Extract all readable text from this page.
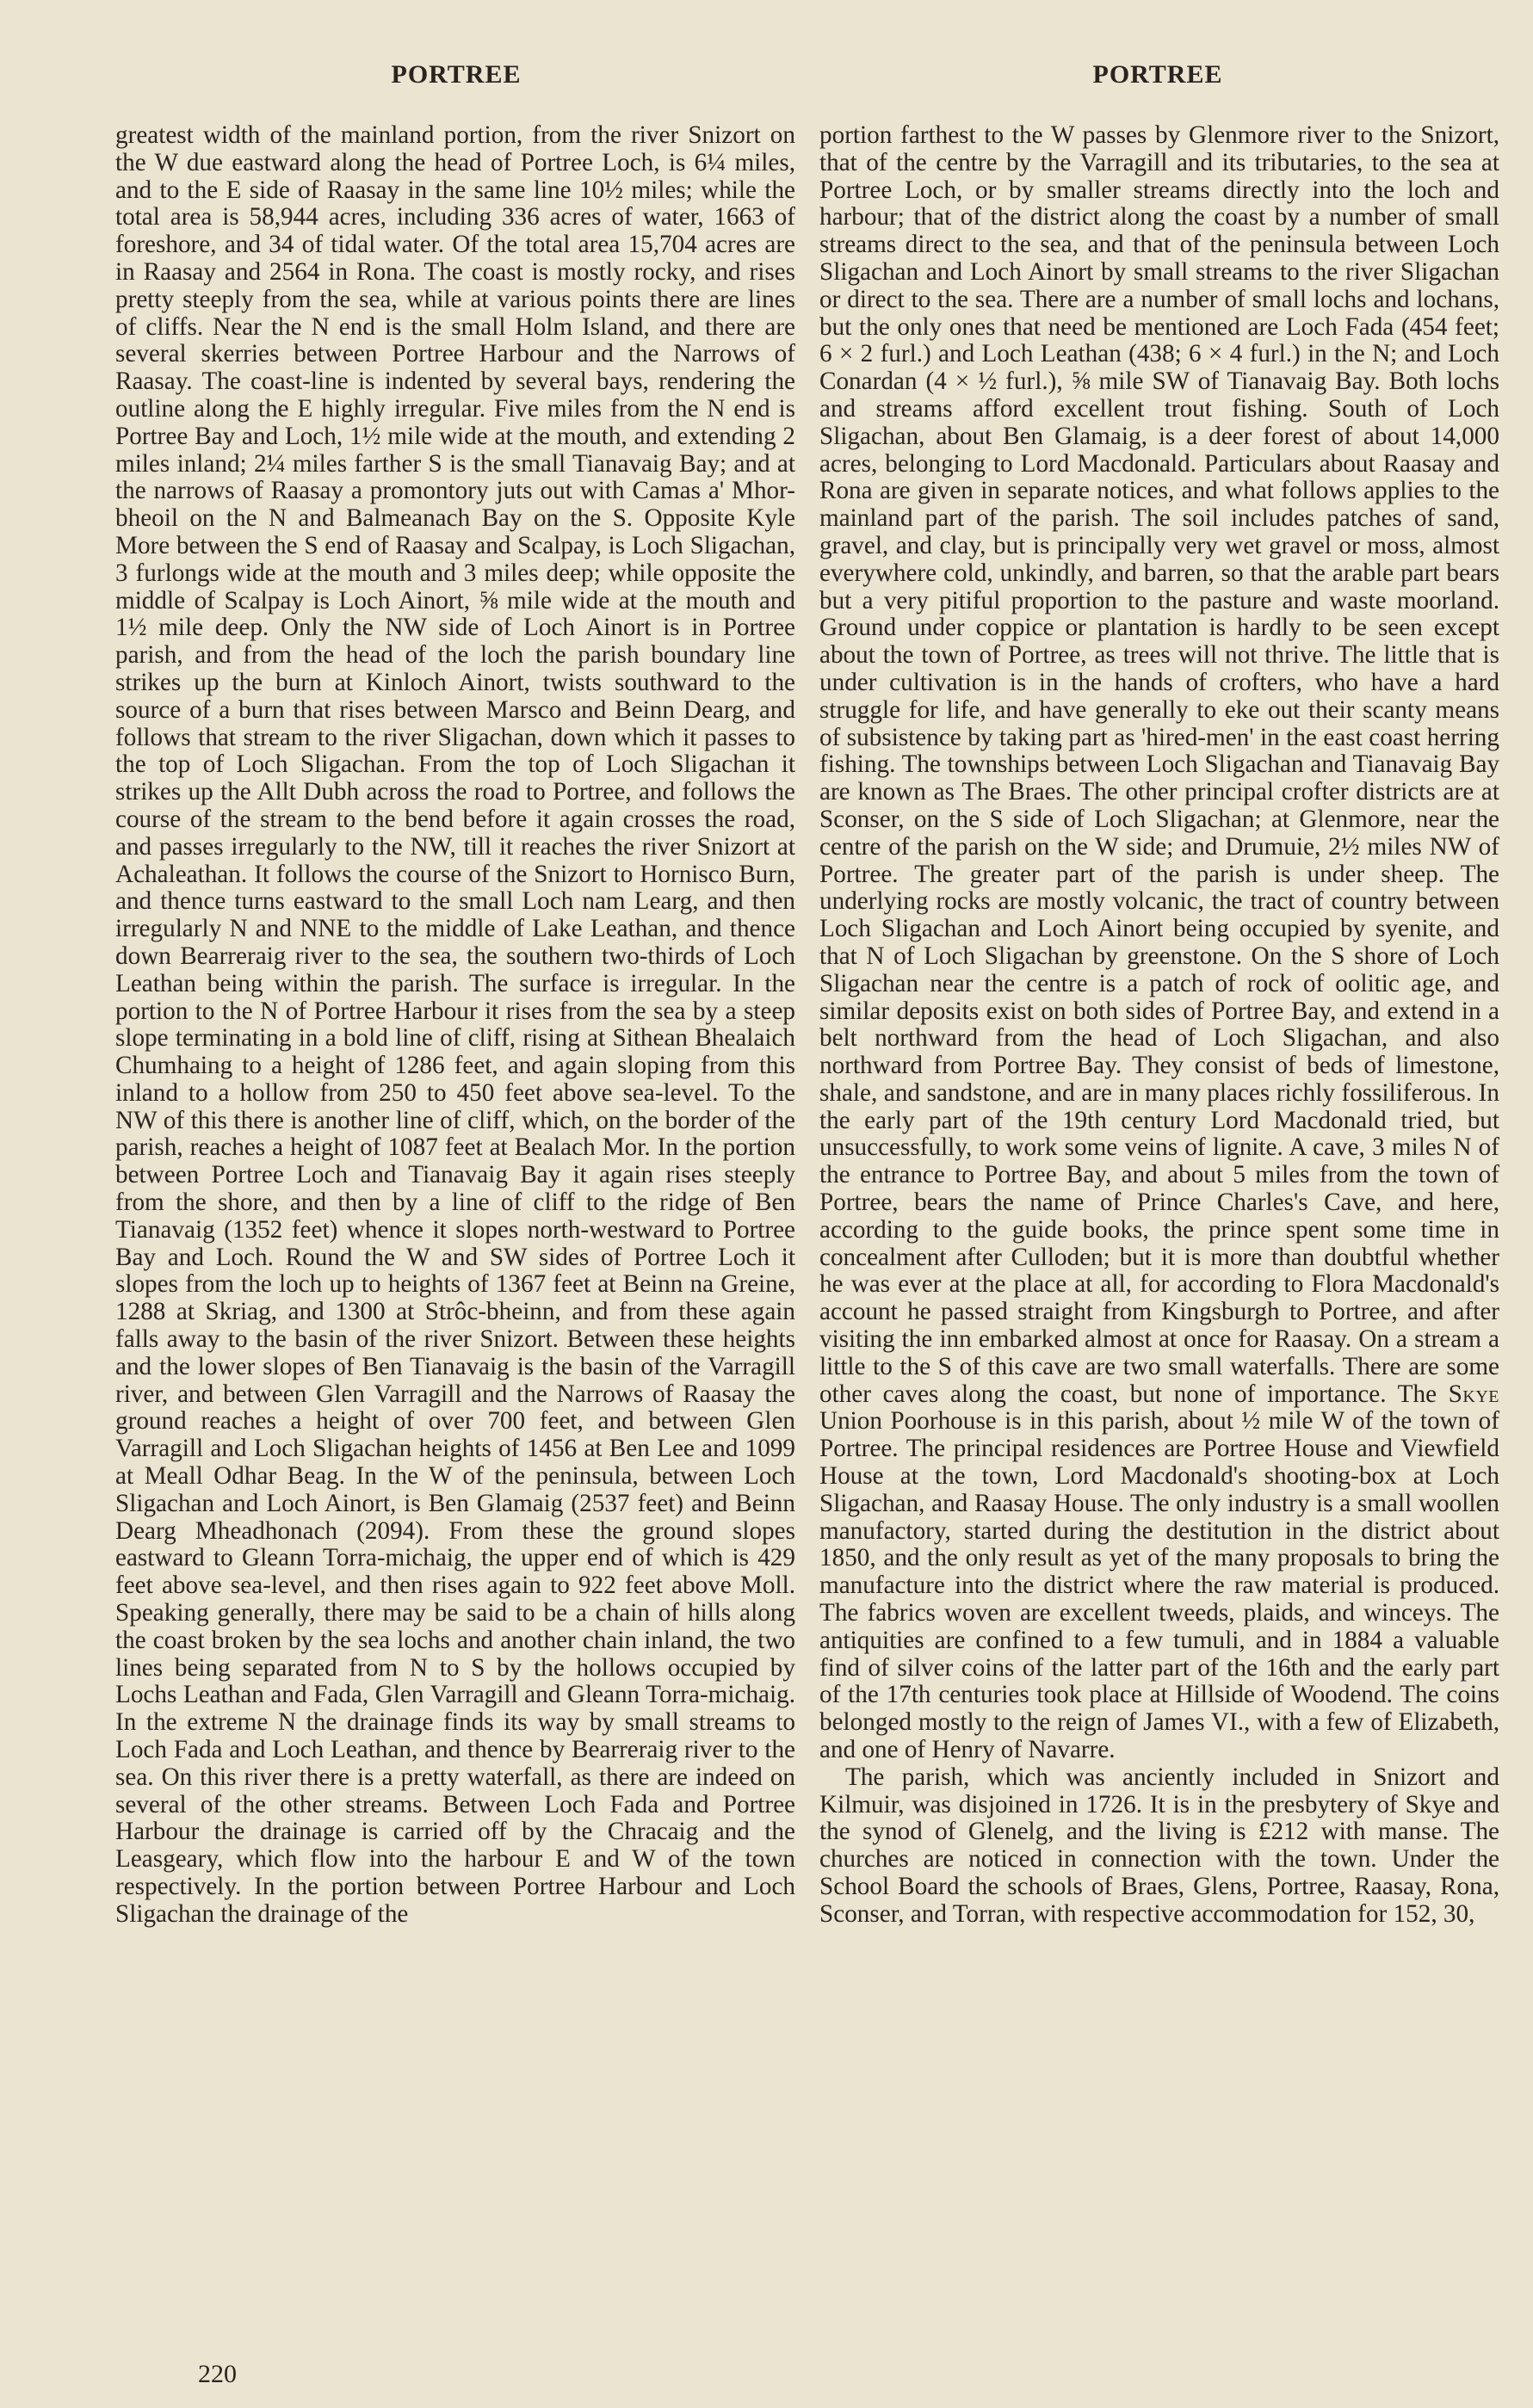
PORTREE	PORTREE

greatest width of the mainland portion, from the river Snizort on the W due eastward along the head of Portree Loch, is 6¼ miles, and to the E side of Raasay in the same line 10½ miles; while the total area is 58,944 acres, including 336 acres of water, 1663 of foreshore, and 34 of tidal water. Of the total area 15,704 acres are in Raasay and 2564 in Rona. The coast is mostly rocky, and rises pretty steeply from the sea, while at various points there are lines of cliffs. Near the N end is the small Holm Island, and there are several skerries between Portree Harbour and the Narrows of Raasay. The coast-line is indented by several bays, rendering the outline along the E highly irregular. Five miles from the N end is Portree Bay and Loch, 1½ mile wide at the mouth, and extending 2 miles inland; 2¼ miles farther S is the small Tianavaig Bay; and at the narrows of Raasay a promontory juts out with Camas a' Mhor-bheoil on the N and Balmeanach Bay on the S. Opposite Kyle More between the S end of Raasay and Scalpay, is Loch Sligachan, 3 furlongs wide at the mouth and 3 miles deep; while opposite the middle of Scalpay is Loch Ainort, ⅝ mile wide at the mouth and 1½ mile deep. Only the NW side of Loch Ainort is in Portree parish, and from the head of the loch the parish boundary line strikes up the burn at Kinloch Ainort, twists southward to the source of a burn that rises between Marsco and Beinn Dearg, and follows that stream to the river Sligachan, down which it passes to the top of Loch Sligachan. From the top of Loch Sligachan it strikes up the Allt Dubh across the road to Portree, and follows the course of the stream to the bend before it again crosses the road, and passes irregularly to the NW, till it reaches the river Snizort at Achaleathan. It follows the course of the Snizort to Hornisco Burn, and thence turns eastward to the small Loch nam Learg, and then irregularly N and NNE to the middle of Lake Leathan, and thence down Bearreraig river to the sea, the southern two-thirds of Loch Leathan being within the parish. The surface is irregular. In the portion to the N of Portree Harbour it rises from the sea by a steep slope terminating in a bold line of cliff, rising at Sithean Bhealaich Chumhaing to a height of 1286 feet, and again sloping from this inland to a hollow from 250 to 450 feet above sea-level. To the NW of this there is another line of cliff, which, on the border of the parish, reaches a height of 1087 feet at Bealach Mor. In the portion between Portree Loch and Tianavaig Bay it again rises steeply from the shore, and then by a line of cliff to the ridge of Ben Tianavaig (1352 feet) whence it slopes north-westward to Portree Bay and Loch. Round the W and SW sides of Portree Loch it slopes from the loch up to heights of 1367 feet at Beinn na Greine, 1288 at Skriag, and 1300 at Strôc-bheinn, and from these again falls away to the basin of the river Snizort. Between these heights and the lower slopes of Ben Tianavaig is the basin of the Varragill river, and between Glen Varragill and the Narrows of Raasay the ground reaches a height of over 700 feet, and between Glen Varragill and Loch Sligachan heights of 1456 at Ben Lee and 1099 at Meall Odhar Beag. In the W of the peninsula, between Loch Sligachan and Loch Ainort, is Ben Glamaig (2537 feet) and Beinn Dearg Mheadhonach (2094). From these the ground slopes eastward to Gleann Torra-michaig, the upper end of which is 429 feet above sea-level, and then rises again to 922 feet above Moll. Speaking generally, there may be said to be a chain of hills along the coast broken by the sea lochs and another chain inland, the two lines being separated from N to S by the hollows occupied by Lochs Leathan and Fada, Glen Varragill and Gleann Torra-michaig. In the extreme N the drainage finds its way by small streams to Loch Fada and Loch Leathan, and thence by Bearreraig river to the sea. On this river there is a pretty waterfall, as there are indeed on several of the other streams. Between Loch Fada and Portree Harbour the drainage is carried off by the Chracaig and the Leasgeary, which flow into the harbour E and W of the town respectively. In the portion between Portree Harbour and Loch Sligachan the drainage of the

portion farthest to the W passes by Glenmore river to the Snizort, that of the centre by the Varragill and its tributaries, to the sea at Portree Loch, or by smaller streams directly into the loch and harbour; that of the district along the coast by a number of small streams direct to the sea, and that of the peninsula between Loch Sligachan and Loch Ainort by small streams to the river Sligachan or direct to the sea. There are a number of small lochs and lochans, but the only ones that need be mentioned are Loch Fada (454 feet; 6 × 2 furl.) and Loch Leathan (438; 6 × 4 furl.) in the N; and Loch Conardan (4 × ½ furl.), ⅝ mile SW of Tianavaig Bay. Both lochs and streams afford excellent trout fishing. South of Loch Sligachan, about Ben Glamaig, is a deer forest of about 14,000 acres, belonging to Lord Macdonald. Particulars about Raasay and Rona are given in separate notices, and what follows applies to the mainland part of the parish. The soil includes patches of sand, gravel, and clay, but is principally very wet gravel or moss, almost everywhere cold, unkindly, and barren, so that the arable part bears but a very pitiful proportion to the pasture and waste moorland. Ground under coppice or plantation is hardly to be seen except about the town of Portree, as trees will not thrive. The little that is under cultivation is in the hands of crofters, who have a hard struggle for life, and have generally to eke out their scanty means of subsistence by taking part as 'hired-men' in the east coast herring fishing. The townships between Loch Sligachan and Tianavaig Bay are known as The Braes. The other principal crofter districts are at Sconser, on the S side of Loch Sligachan; at Glenmore, near the centre of the parish on the W side; and Drumuie, 2½ miles NW of Portree. The greater part of the parish is under sheep. The underlying rocks are mostly volcanic, the tract of country between Loch Sligachan and Loch Ainort being occupied by syenite, and that N of Loch Sligachan by greenstone. On the S shore of Loch Sligachan near the centre is a patch of rock of oolitic age, and similar deposits exist on both sides of Portree Bay, and extend in a belt northward from the head of Loch Sligachan, and also northward from Portree Bay. They consist of beds of limestone, shale, and sandstone, and are in many places richly fossiliferous. In the early part of the 19th century Lord Macdonald tried, but unsuccessfully, to work some veins of lignite. A cave, 3 miles N of the entrance to Portree Bay, and about 5 miles from the town of Portree, bears the name of Prince Charles's Cave, and here, according to the guide books, the prince spent some time in concealment after Culloden; but it is more than doubtful whether he was ever at the place at all, for according to Flora Macdonald's account he passed straight from Kingsburgh to Portree, and after visiting the inn embarked almost at once for Raasay. On a stream a little to the S of this cave are two small waterfalls. There are some other caves along the coast, but none of importance. The Skye Union Poorhouse is in this parish, about ½ mile W of the town of Portree. The principal residences are Portree House and Viewfield House at the town, Lord Macdonald's shooting-box at Loch Sligachan, and Raasay House. The only industry is a small woollen manufactory, started during the destitution in the district about 1850, and the only result as yet of the many proposals to bring the manufacture into the district where the raw material is produced. The fabrics woven are excellent tweeds, plaids, and winceys. The antiquities are confined to a few tumuli, and in 1884 a valuable find of silver coins of the latter part of the 16th and the early part of the 17th centuries took place at Hillside of Woodend. The coins belonged mostly to the reign of James VI., with a few of Elizabeth, and one of Henry of Navarre.

The parish, which was anciently included in Snizort and Kilmuir, was disjoined in 1726. It is in the presbytery of Skye and the synod of Glenelg, and the living is £212 with manse. The churches are noticed in connection with the town. Under the School Board the schools of Braes, Glens, Portree, Raasay, Rona, Sconser, and Torran, with respective accommodation for 152, 30,

220
